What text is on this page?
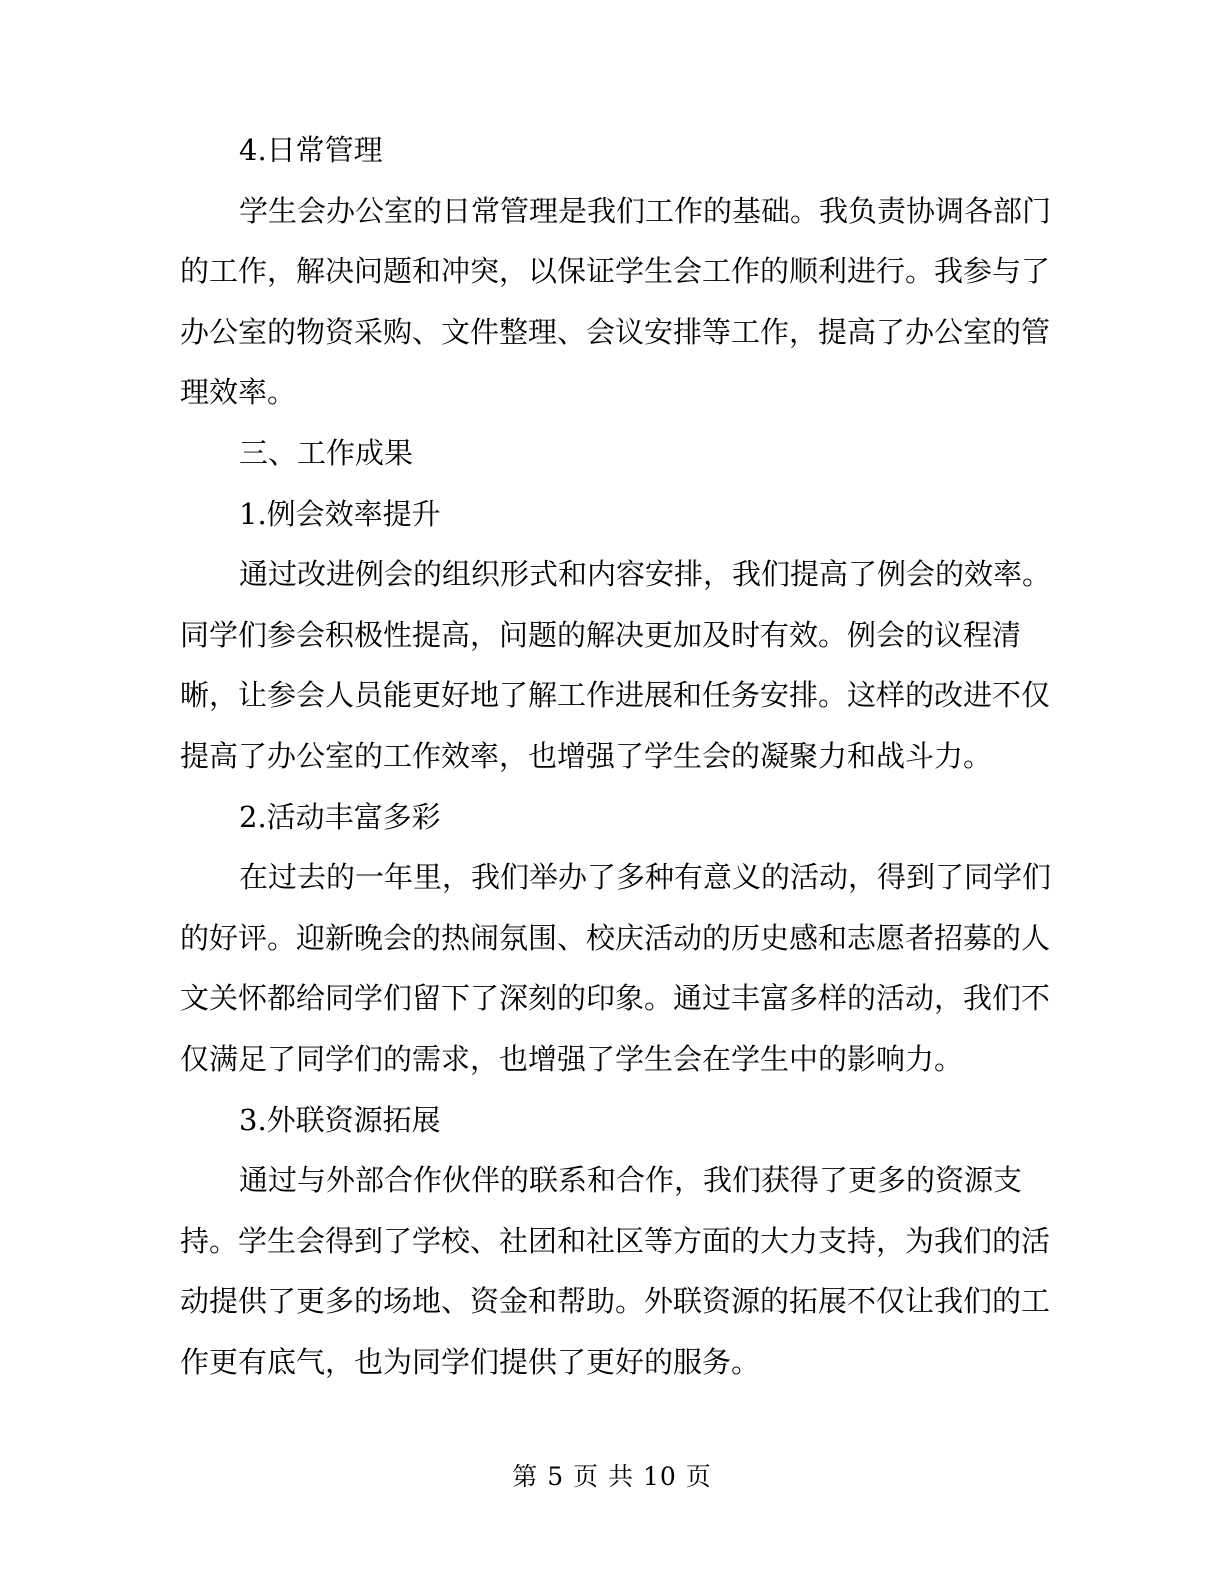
4.日常管理
学生会办公室的日常管理是我们工作的基础。我负责协调各部门
的工作，解决问题和冲突，以保证学生会工作的顺利进行。我参与了
办公室的物资采购、文件整理、会议安排等工作，提高了办公室的管
理效率。
三、工作成果
1.例会效率提升
通过改进例会的组织形式和内容安排，我们提高了例会的效率。
同学们参会积极性提高，问题的解决更加及时有效。例会的议程清
晰，让参会人员能更好地了解工作进展和任务安排。这样的改进不仅
提高了办公室的工作效率，也增强了学生会的凝聚力和战斗力。
2.活动丰富多彩
在过去的一年里，我们举办了多种有意义的活动，得到了同学们
的好评。迎新晚会的热闹氛围、校庆活动的历史感和志愿者招募的人
文关怀都给同学们留下了深刻的印象。通过丰富多样的活动，我们不
仅满足了同学们的需求，也增强了学生会在学生中的影响力。
3.外联资源拓展
通过与外部合作伙伴的联系和合作，我们获得了更多的资源支
持。学生会得到了学校、社团和社区等方面的大力支持，为我们的活
动提供了更多的场地、资金和帮助。外联资源的拓展不仅让我们的工
作更有底气，也为同学们提供了更好的服务。
第 5 页 共 10 页
